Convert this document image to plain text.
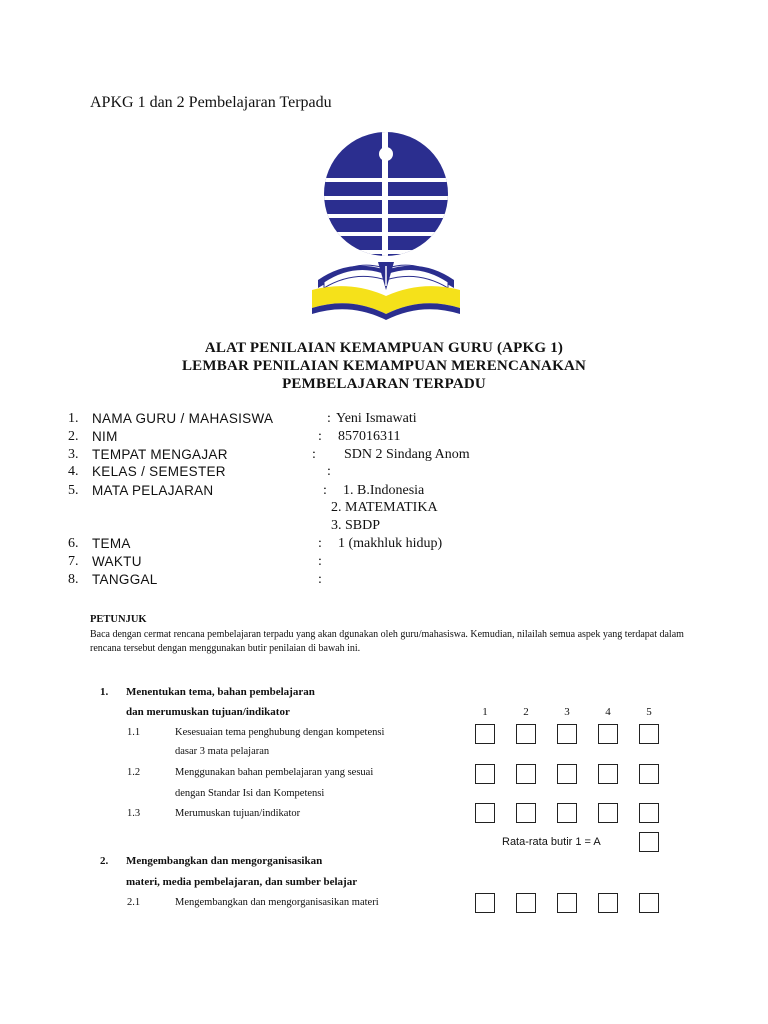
APKG 1 dan 2 Pembelajaran Terpadu
ALAT PENILAIAN KEMAMPUAN GURU (APKG 1)
LEMBAR PENILAIAN KEMAMPUAN MERENCANAKAN
PEMBELAJARAN TERPADU
1. NAMA GURU / MAHASISWA	: Yeni Ismawati
2. NIM	: 857016311
3. TEMPAT MENGAJAR	: SDN 2 Sindang Anom
4. KELAS / SEMESTER	:
5. MATA PELAJARAN	: 1. B.Indonesia
2. MATEMATIKA
3. SBDP
6. TEMA	: 1 (makhluk hidup)
7. WAKTU	:
8. TANGGAL	:
PETUNJUK
Baca dengan cermat rencana pembelajaran terpadu yang akan dgunakan oleh guru/mahasiswa. Kemudian, nilailah semua aspek yang terdapat dalam rencana tersebut dengan menggunakan butir penilaian di bawah ini.
1. Menentukan tema, bahan pembelajaran
dan merumuskan tujuan/indikator	1	2	3	4	5
1.1	Kesesuaian tema penghubung dengan kompetensi
dasar 3 mata pelajaran
1.2	Menggunakan bahan pembelajaran yang sesuai
dengan Standar Isi dan Kompetensi
1.3	Merumuskan tujuan/indikator
Rata-rata butir 1 = A
2. Mengembangkan dan mengorganisasikan
materi, media pembelajaran, dan sumber belajar
2.1	Mengembangkan dan mengorganisasikan materi
